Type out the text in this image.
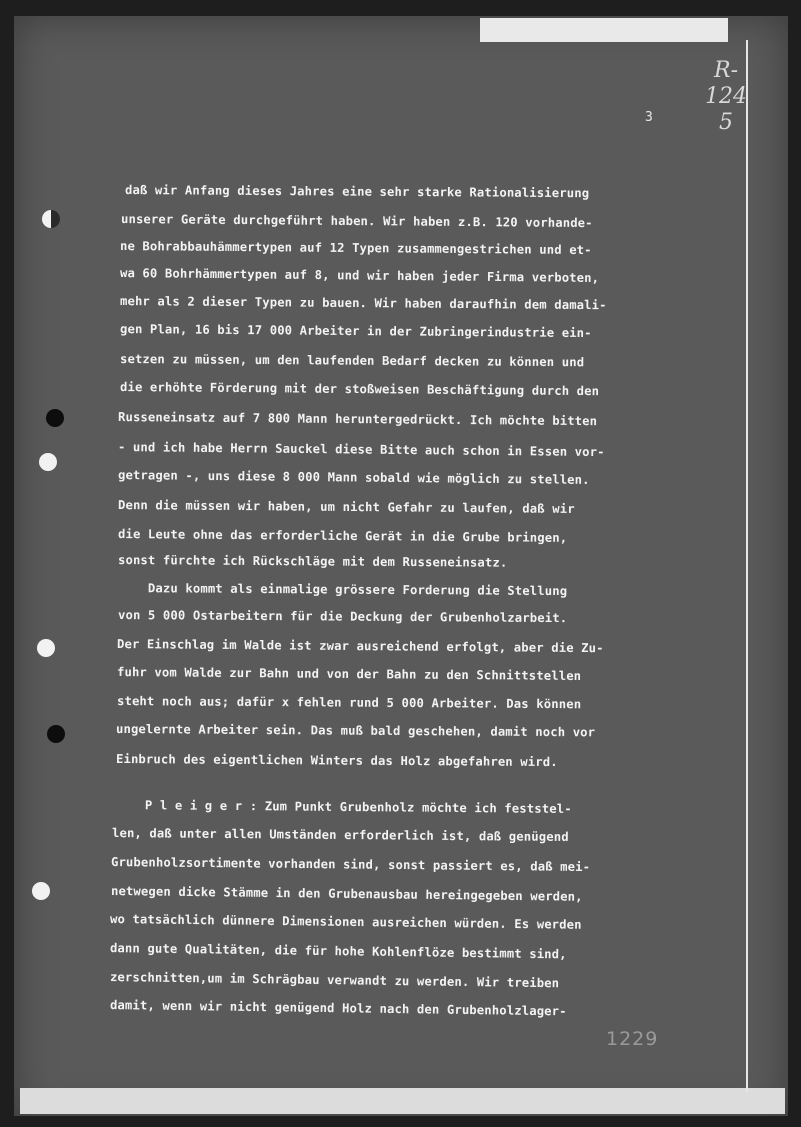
R-124
5
3
daß wir Anfang dieses Jahres eine sehr starke Rationalisierung
unserer Geräte durchgeführt haben. Wir haben z.B. 120 vorhande-
ne Bohrabbauhämmertypen auf 12 Typen zusammengestrichen und et-
wa 60 Bohrhämmertypen auf 8, und wir haben jeder Firma verboten,
mehr als 2 dieser Typen zu bauen. Wir haben daraufhin dem damali-
gen Plan, 16 bis 17 000 Arbeiter in der Zubringerindustrie ein-
setzen zu müssen, um den laufenden Bedarf decken zu können und
die erhöhte Förderung mit der stoßweisen Beschäftigung durch den
Russeneinsatz auf 7 800 Mann heruntergedrückt. Ich möchte bitten
- und ich habe Herrn Sauckel diese Bitte auch schon in Essen vor-
getragen -, uns diese 8 000 Mann sobald wie möglich zu stellen.
Denn die müssen wir haben, um nicht Gefahr zu laufen, daß wir
die Leute ohne das erforderliche Gerät in die Grube bringen,
sonst fürchte ich Rückschläge mit dem Russeneinsatz.
Dazu kommt als einmalige grössere Forderung die Stellung
von 5 000 Ostarbeitern für die Deckung der Grubenholzarbeit.
Der Einschlag im Walde ist zwar ausreichend erfolgt, aber die Zu-
fuhr vom Walde zur Bahn und von der Bahn zu den Schnittstellen
steht noch aus; dafür x fehlen rund 5 000 Arbeiter. Das können
ungelernte Arbeiter sein. Das muß bald geschehen, damit noch vor
Einbruch des eigentlichen Winters das Holz abgefahren wird.
P l e i g e r : Zum Punkt Grubenholz möchte ich feststel-
len, daß unter allen Umständen erforderlich ist, daß genügend
Grubenholzsortimente vorhanden sind, sonst passiert es, daß mei-
netwegen dicke Stämme in den Grubenausbau hereingegeben werden,
wo tatsächlich dünnere Dimensionen ausreichen würden. Es werden
dann gute Qualitäten, die für hohe Kohlenflöze bestimmt sind,
zerschnitten,um im Schrägbau verwandt zu werden. Wir treiben
damit, wenn wir nicht genügend Holz nach den Grubenholzlager-
1229
